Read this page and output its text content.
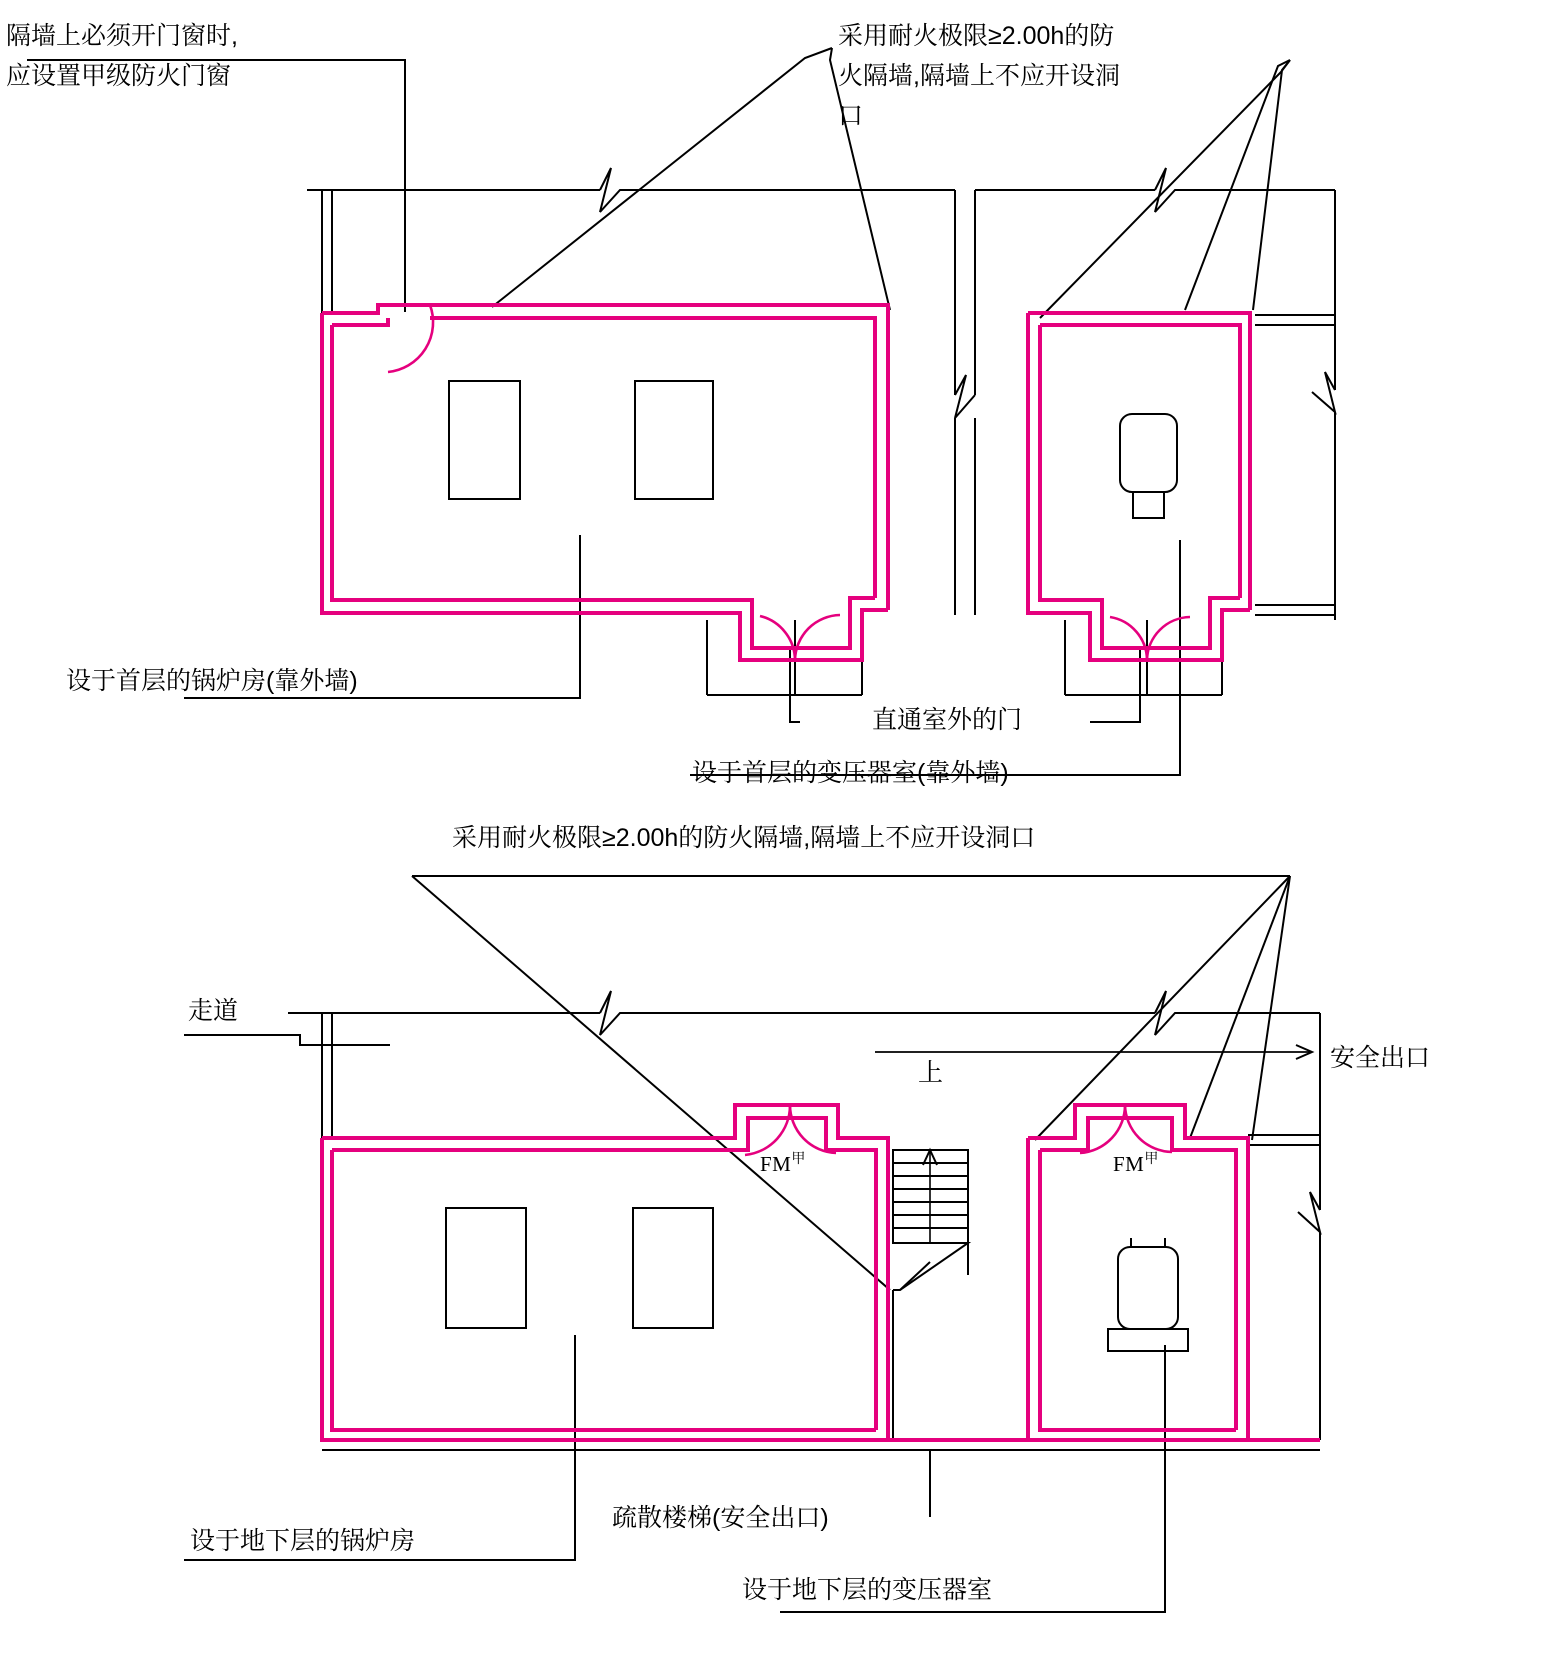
隔墙上必须开门窗时,
应设置甲级防火门窗
采用耐火极限≥2.00h的防
火隔墙,隔墙上不应开设洞
口
设于首层的锅炉房(靠外墙)
直通室外的门
设于首层的变压器室(靠外墙)
采用耐火极限≥2.00h的防火隔墙,隔墙上不应开设洞口
走道
上
安全出口
$FM^甲$	$FM^甲$
设于地下层的锅炉房
疏散楼梯(安全出口)
设于地下层的变压器室
